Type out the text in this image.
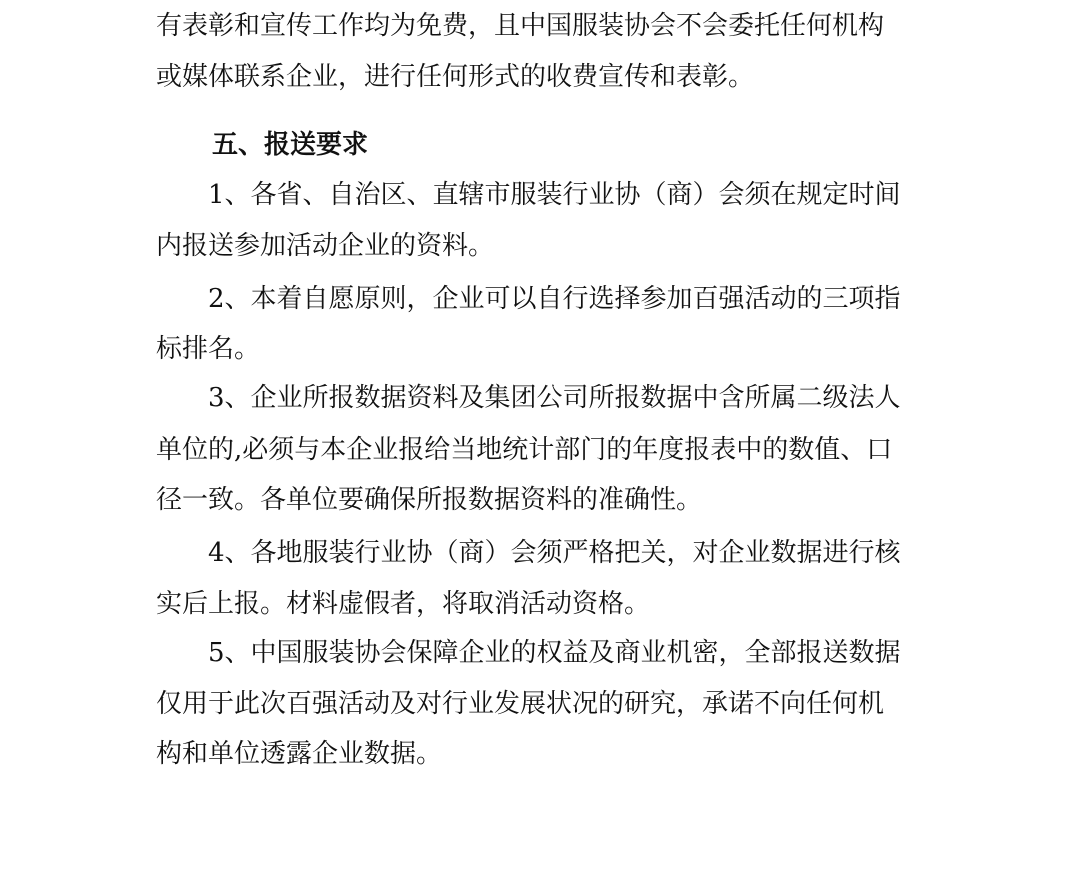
有表彰和宣传工作均为免费，且中国服装协会不会委托任何机构
或媒体联系企业，进行任何形式的收费宣传和表彰。
五、报送要求
1、各省、自治区、直辖市服装行业协（商）会须在规定时间
内报送参加活动企业的资料。
2、本着自愿原则，企业可以自行选择参加百强活动的三项指
标排名。
3、企业所报数据资料及集团公司所报数据中含所属二级法人
单位的,必须与本企业报给当地统计部门的年度报表中的数值、口
径一致。各单位要确保所报数据资料的准确性。
4、各地服装行业协（商）会须严格把关，对企业数据进行核
实后上报。材料虚假者，将取消活动资格。
5、中国服装协会保障企业的权益及商业机密，全部报送数据
仅用于此次百强活动及对行业发展状况的研究，承诺不向任何机
构和单位透露企业数据。
